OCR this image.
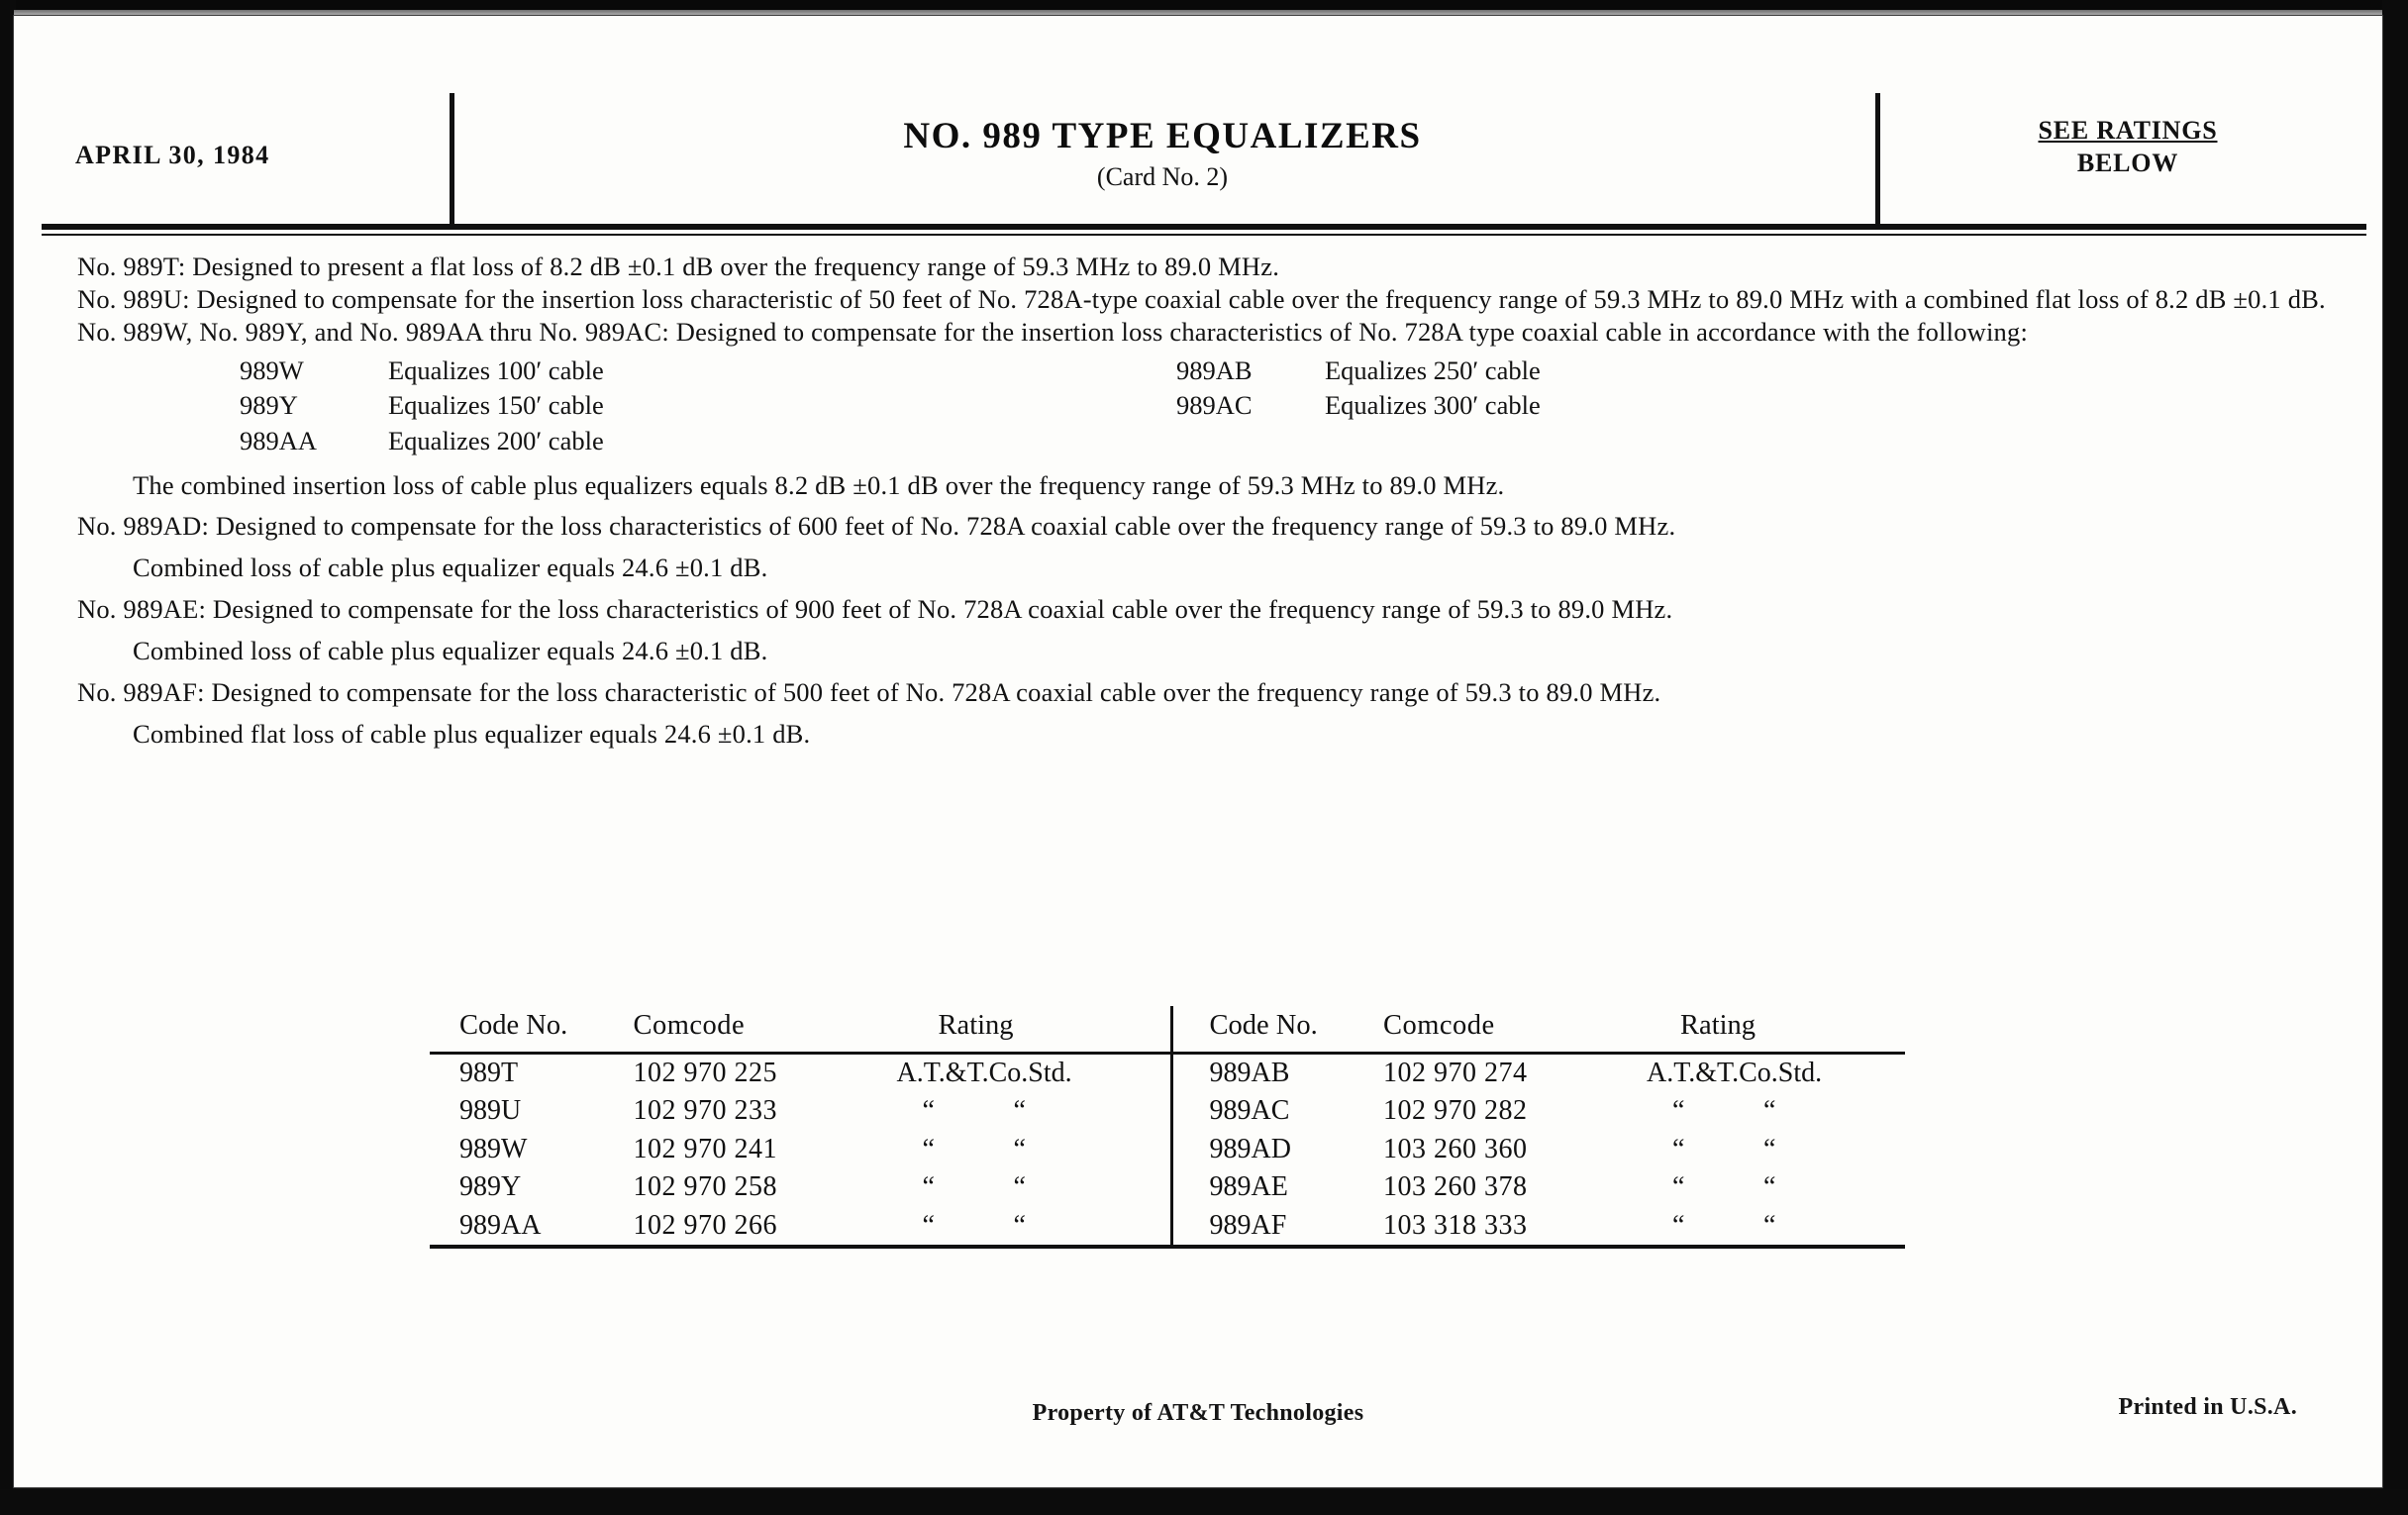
APRIL 30, 1984	NO. 989 TYPE EQUALIZERS
(Card No. 2)
SEE RATINGS
BELOW

No. 989T: Designed to present a flat loss of 8.2 dB ±0.1 dB over the frequency range of 59.3 MHz to 89.0 MHz.

No. 989U: Designed to compensate for the insertion loss characteristic of 50 feet of No. 728A-type coaxial cable over the frequency range of 59.3 MHz to 89.0 MHz with a combined flat loss of 8.2 dB ±0.1 dB.

No. 989W, No. 989Y, and No. 989AA thru No. 989AC: Designed to compensate for the insertion loss characteristics of No. 728A type coaxial cable in accordance with the following:

989W	Equalizes 100′ cable
989Y	Equalizes 150′ cable
989AA	Equalizes 200′ cable
989AB	Equalizes 250′ cable
989AC	Equalizes 300′ cable

The combined insertion loss of cable plus equalizers equals 8.2 dB ±0.1 dB over the frequency range of 59.3 MHz to 89.0 MHz.

No. 989AD: Designed to compensate for the loss characteristics of 600 feet of No. 728A coaxial cable over the frequency range of 59.3 to 89.0 MHz.

Combined loss of cable plus equalizer equals 24.6 ±0.1 dB.

No. 989AE: Designed to compensate for the loss characteristics of 900 feet of No. 728A coaxial cable over the frequency range of 59.3 to 89.0 MHz.

Combined loss of cable plus equalizer equals 24.6 ±0.1 dB.

No. 989AF: Designed to compensate for the loss characteristic of 500 feet of No. 728A coaxial cable over the frequency range of 59.3 to 89.0 MHz.

Combined flat loss of cable plus equalizer equals 24.6 ±0.1 dB.

Code No.	Comcode	Rating		Code No.	Comcode	Rating
989T	102 970 225	A.T.&T.Co.Std.		989AB	102 970 274	A.T.&T.Co.Std.
989U	102 970 233	“ “		989AC	102 970 282	“ “
989W	102 970 241	“ “		989AD	103 260 360	“ “
989Y	102 970 258	“ “		989AE	103 260 378	“ “
989AA	102 970 266	“ “		989AF	103 318 333	“ “
Property of AT&T Technologies	Printed in U.S.A.
